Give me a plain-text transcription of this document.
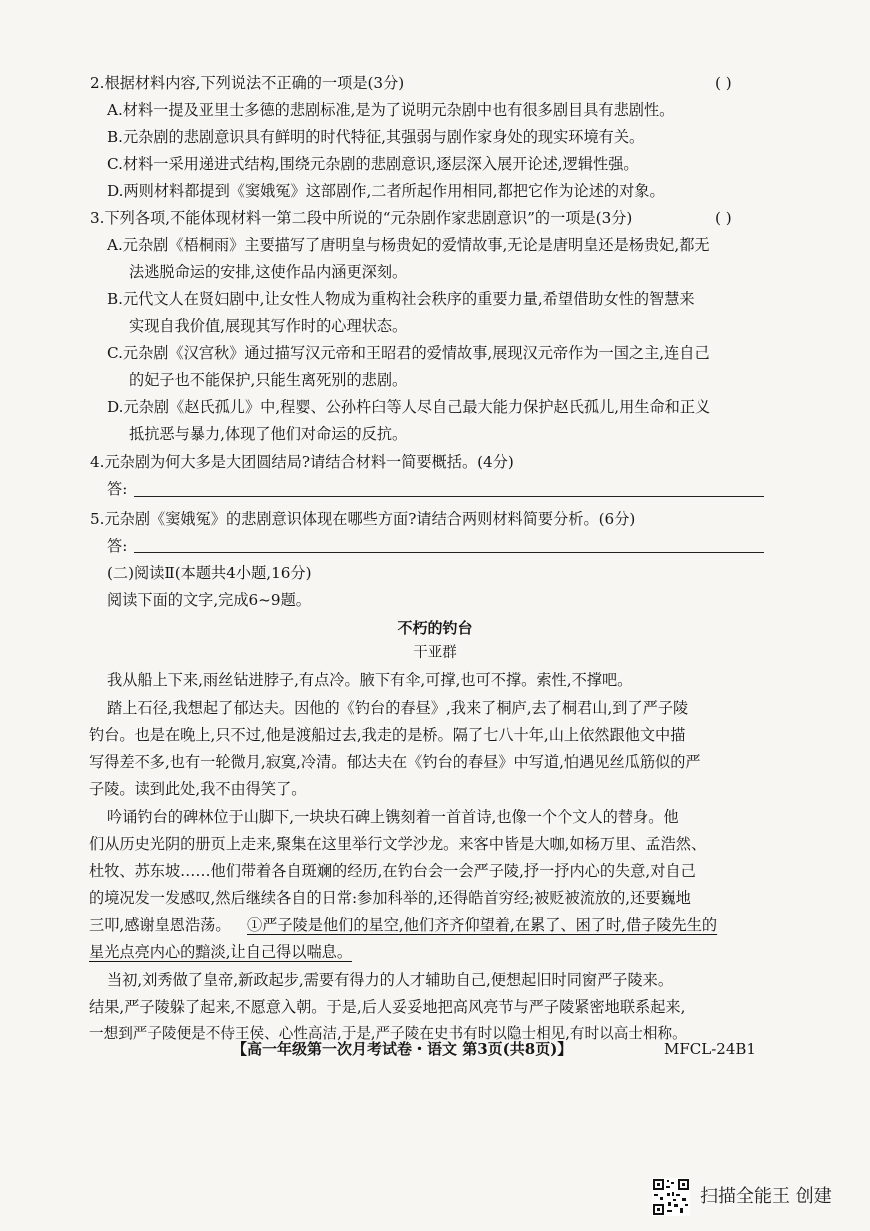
2.根据材料内容,下列说法不正确的一项是(3分)	( )
A.材料一提及亚里士多德的悲剧标准,是为了说明元杂剧中也有很多剧目具有悲剧性。
B.元杂剧的悲剧意识具有鲜明的时代特征,其强弱与剧作家身处的现实环境有关。
C.材料一采用递进式结构,围绕元杂剧的悲剧意识,逐层深入展开论述,逻辑性强。
D.两则材料都提到《窦娥冤》这部剧作,二者所起作用相同,都把它作为论述的对象。
3.下列各项,不能体现材料一第二段中所说的“元杂剧作家悲剧意识”的一项是(3分)	( )
A.元杂剧《梧桐雨》主要描写了唐明皇与杨贵妃的爱情故事,无论是唐明皇还是杨贵妃,都无
法逃脱命运的安排,这使作品内涵更深刻。
B.元代文人在贤妇剧中,让女性人物成为重构社会秩序的重要力量,希望借助女性的智慧来
实现自我价值,展现其写作时的心理状态。
C.元杂剧《汉宫秋》通过描写汉元帝和王昭君的爱情故事,展现汉元帝作为一国之主,连自己
的妃子也不能保护,只能生离死别的悲剧。
D.元杂剧《赵氏孤儿》中,程婴、公孙杵臼等人尽自己最大能力保护赵氏孤儿,用生命和正义
抵抗恶与暴力,体现了他们对命运的反抗。
4.元杂剧为何大多是大团圆结局?请结合材料一简要概括。(4分)
答:
5.元杂剧《窦娥冤》的悲剧意识体现在哪些方面?请结合两则材料简要分析。(6分)
答:
(二)阅读Ⅱ(本题共4小题,16分)
阅读下面的文字,完成6~9题。
不朽的钓台
干亚群
我从船上下来,雨丝钻进脖子,有点冷。腋下有伞,可撑,也可不撑。索性,不撑吧。
踏上石径,我想起了郁达夫。因他的《钓台的春昼》,我来了桐庐,去了桐君山,到了严子陵
钓台。也是在晚上,只不过,他是渡船过去,我走的是桥。隔了七八十年,山上依然跟他文中描
写得差不多,也有一轮微月,寂寞,冷清。郁达夫在《钓台的春昼》中写道,怕遇见丝瓜筋似的严
子陵。读到此处,我不由得笑了。
吟诵钓台的碑林位于山脚下,一块块石碑上镌刻着一首首诗,也像一个个文人的替身。他
们从历史光阴的册页上走来,聚集在这里举行文学沙龙。来客中皆是大咖,如杨万里、孟浩然、
杜牧、苏东坡……他们带着各自斑斓的经历,在钓台会一会严子陵,抒一抒内心的失意,对自己
的境况发一发感叹,然后继续各自的日常:参加科举的,还得皓首穷经;被贬被流放的,还要巍地
三叩,感谢皇恩浩荡。 ①严子陵是他们的星空,他们齐齐仰望着,在累了、困了时,借子陵先生的
星光点亮内心的黯淡,让自己得以喘息。
当初,刘秀做了皇帝,新政起步,需要有得力的人才辅助自己,便想起旧时同窗严子陵来。
结果,严子陵躲了起来,不愿意入朝。于是,后人妥妥地把高风亮节与严子陵紧密地联系起来,
一想到严子陵便是不侍王侯、心性高洁,于是,严子陵在史书有时以隐士相见,有时以高士相称。
【高一年级第一次月考试卷・语文 第3页(共8页)】	MFCL-24B1
扫描全能王 创建
